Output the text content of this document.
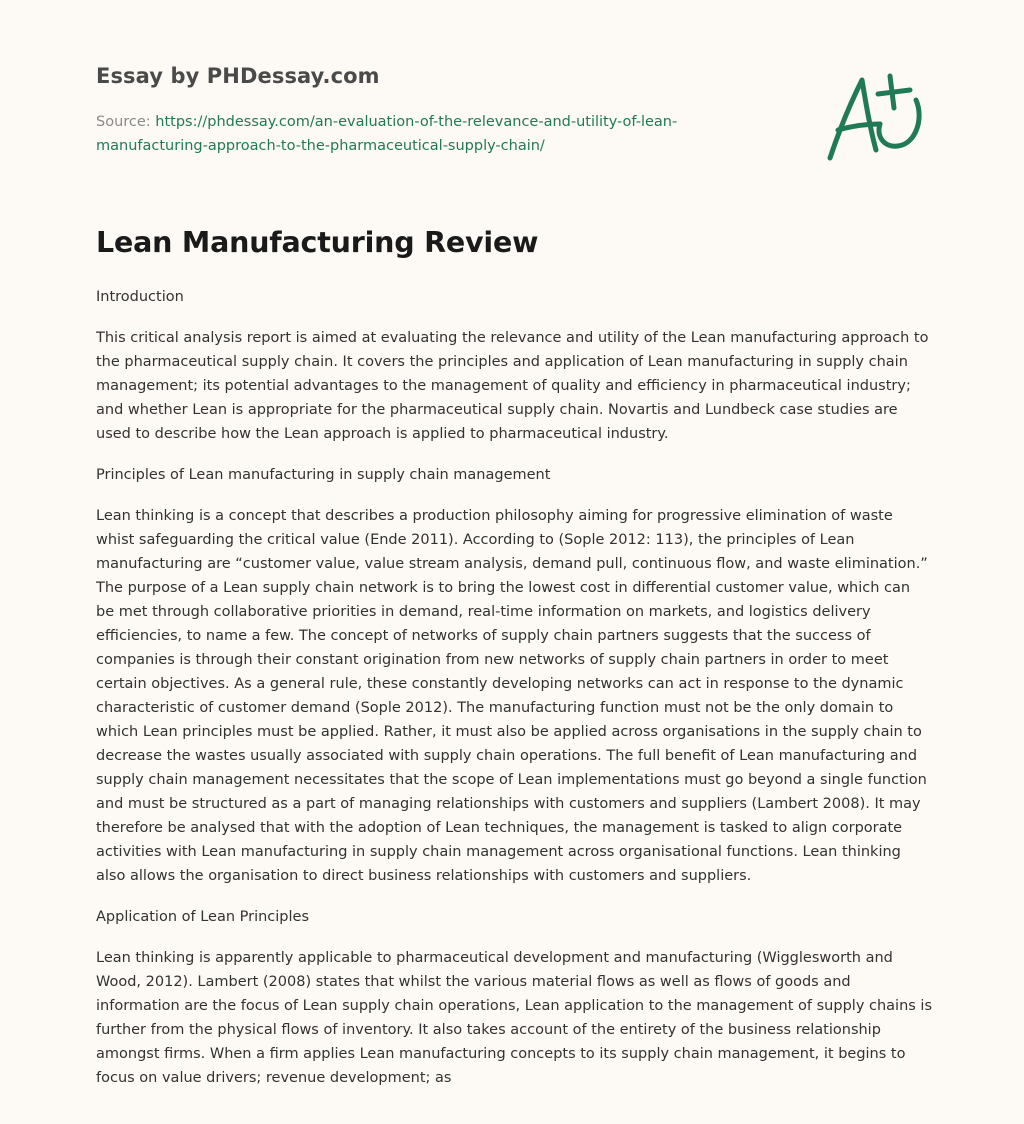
Essay by PHDessay.com

Source: https://phdessay.com/an-evaluation-of-the-relevance-and-utility-of-lean-manufacturing-approach-to-the-pharmaceutical-supply-chain/

Lean Manufacturing Review

Introduction

This critical analysis report is aimed at evaluating the relevance and utility of the Lean manufacturing approach to the pharmaceutical supply chain. It covers the principles and application of Lean manufacturing in supply chain management; its potential advantages to the management of quality and efficiency in pharmaceutical industry; and whether Lean is appropriate for the pharmaceutical supply chain. Novartis and Lundbeck case studies are used to describe how the Lean approach is applied to pharmaceutical industry.

Principles of Lean manufacturing in supply chain management

Lean thinking is a concept that describes a production philosophy aiming for progressive elimination of waste whist safeguarding the critical value (Ende 2011). According to (Sople 2012: 113), the principles of Lean manufacturing are “customer value, value stream analysis, demand pull, continuous flow, and waste elimination.” The purpose of a Lean supply chain network is to bring the lowest cost in differential customer value, which can be met through collaborative priorities in demand, real-time information on markets, and logistics delivery efficiencies, to name a few. The concept of networks of supply chain partners suggests that the success of companies is through their constant origination from new networks of supply chain partners in order to meet certain objectives. As a general rule, these constantly developing networks can act in response to the dynamic characteristic of customer demand (Sople 2012). The manufacturing function must not be the only domain to which Lean principles must be applied. Rather, it must also be applied across organisations in the supply chain to decrease the wastes usually associated with supply chain operations. The full benefit of Lean manufacturing and supply chain management necessitates that the scope of Lean implementations must go beyond a single function and must be structured as a part of managing relationships with customers and suppliers (Lambert 2008). It may therefore be analysed that with the adoption of Lean techniques, the management is tasked to align corporate activities with Lean manufacturing in supply chain management across organisational functions. Lean thinking also allows the organisation to direct business relationships with customers and suppliers.

Application of Lean Principles

Lean thinking is apparently applicable to pharmaceutical development and manufacturing (Wigglesworth and Wood, 2012). Lambert (2008) states that whilst the various material flows as well as flows of goods and information are the focus of Lean supply chain operations, Lean application to the management of supply chains is further from the physical flows of inventory. It also takes account of the entirety of the business relationship amongst firms. When a firm applies Lean manufacturing concepts to its supply chain management, it begins to focus on value drivers; revenue development; as
